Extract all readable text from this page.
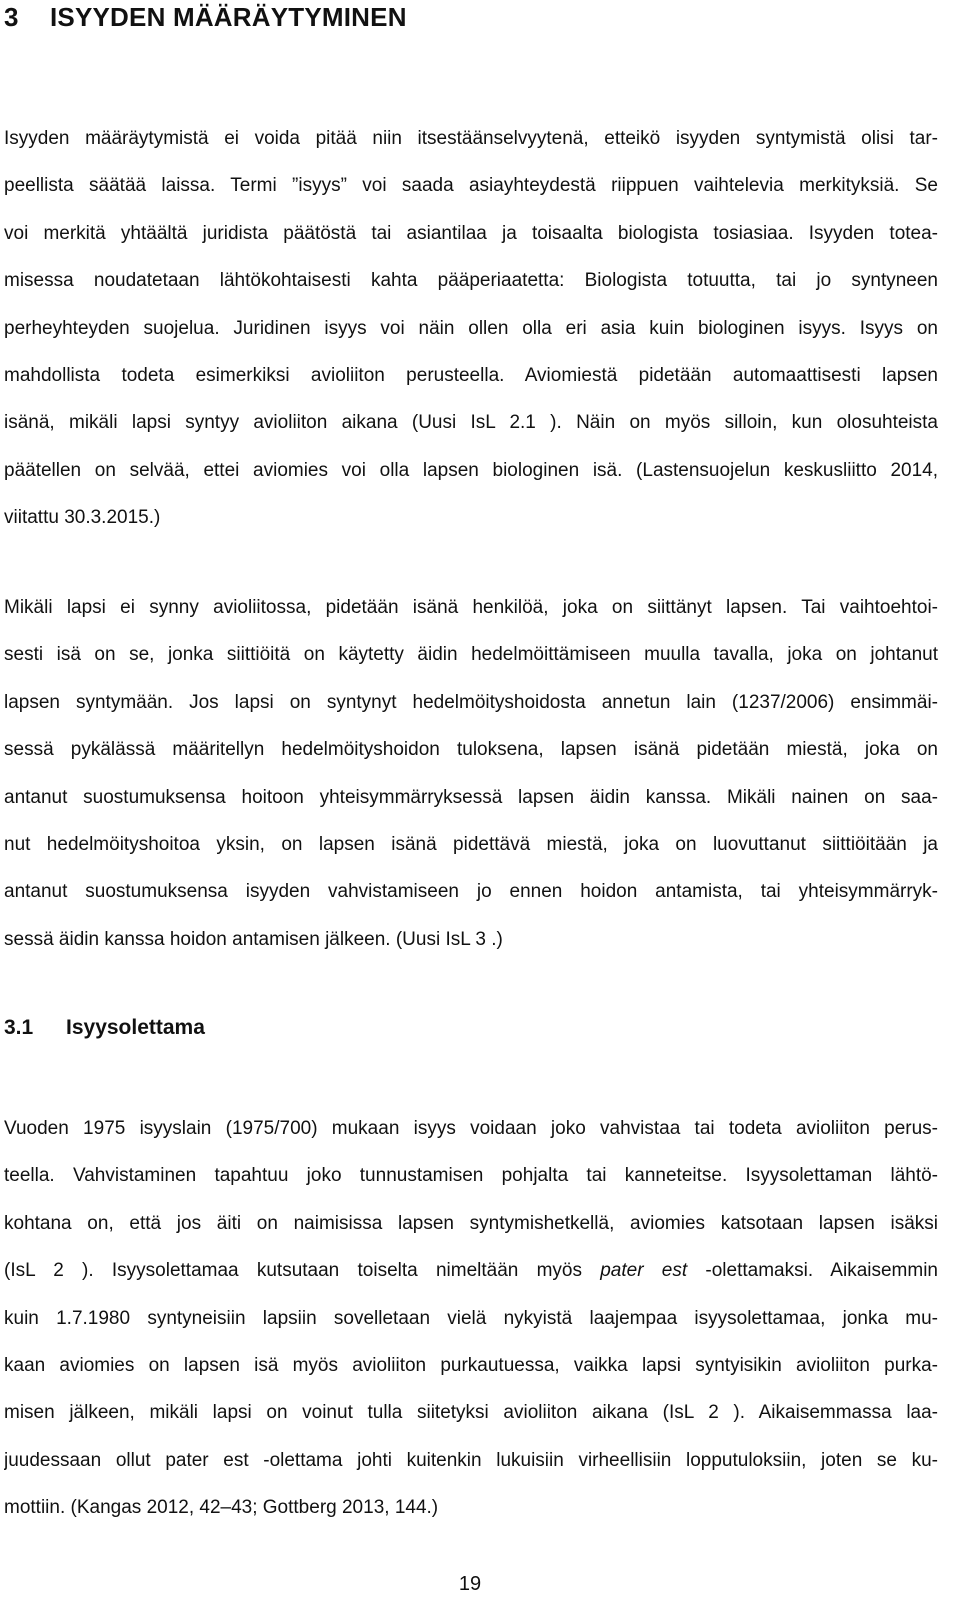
3 ISYYDEN MÄÄRÄYTYMINEN

Isyyden määräytymistä ei voida pitää niin itsestäänselvyytenä, etteikö isyyden syntymistä olisi tar-
peellista säätää laissa. Termi ”isyys” voi saada asiayhteydestä riippuen vaihtelevia merkityksiä. Se
voi merkitä yhtäältä juridista päätöstä tai asiantilaa ja toisaalta biologista tosiasiaa. Isyyden totea-
misessa noudatetaan lähtökohtaisesti kahta pääperiaatetta: Biologista totuutta, tai jo syntyneen
perheyhteyden suojelua. Juridinen isyys voi näin ollen olla eri asia kuin biologinen isyys. Isyys on
mahdollista todeta esimerkiksi avioliiton perusteella. Aviomiestä pidetään automaattisesti lapsen
isänä, mikäli lapsi syntyy avioliiton aikana (Uusi IsL 2.1 ). Näin on myös silloin, kun olosuhteista
päätellen on selvää, ettei aviomies voi olla lapsen biologinen isä. (Lastensuojelun keskusliitto 2014,
viitattu 30.3.2015.)

Mikäli lapsi ei synny avioliitossa, pidetään isänä henkilöä, joka on siittänyt lapsen. Tai vaihtoehtoi-
sesti isä on se, jonka siittiöitä on käytetty äidin hedelmöittämiseen muulla tavalla, joka on johtanut
lapsen syntymään. Jos lapsi on syntynyt hedelmöityshoidosta annetun lain (1237/2006) ensimmäi-
sessä pykälässä määritellyn hedelmöityshoidon tuloksena, lapsen isänä pidetään miestä, joka on
antanut suostumuksensa hoitoon yhteisymmärryksessä lapsen äidin kanssa. Mikäli nainen on saa-
nut hedelmöityshoitoa yksin, on lapsen isänä pidettävä miestä, joka on luovuttanut siittiöitään ja
antanut suostumuksensa isyyden vahvistamiseen jo ennen hoidon antamista, tai yhteisymmärryk-
sessä äidin kanssa hoidon antamisen jälkeen. (Uusi IsL 3 .)

3.1 Isyysolettama

Vuoden 1975 isyyslain (1975/700) mukaan isyys voidaan joko vahvistaa tai todeta avioliiton perus-
teella. Vahvistaminen tapahtuu joko tunnustamisen pohjalta tai kanneteitse. Isyysolettaman lähtö-
kohtana on, että jos äiti on naimisissa lapsen syntymishetkellä, aviomies katsotaan lapsen isäksi
(IsL 2 ). Isyysolettamaa kutsutaan toiselta nimeltään myös pater est -olettamaksi. Aikaisemmin
kuin 1.7.1980 syntyneisiin lapsiin sovelletaan vielä nykyistä laajempaa isyysolettamaa, jonka mu-
kaan aviomies on lapsen isä myös avioliiton purkautuessa, vaikka lapsi syntyisikin avioliiton purka-
misen jälkeen, mikäli lapsi on voinut tulla siitetyksi avioliiton aikana (IsL 2 ). Aikaisemmassa laa-
juudessaan ollut pater est -olettama johti kuitenkin lukuisiin virheellisiin lopputuloksiin, joten se ku-
mottiin. (Kangas 2012, 42–43; Gottberg 2013, 144.)

19
